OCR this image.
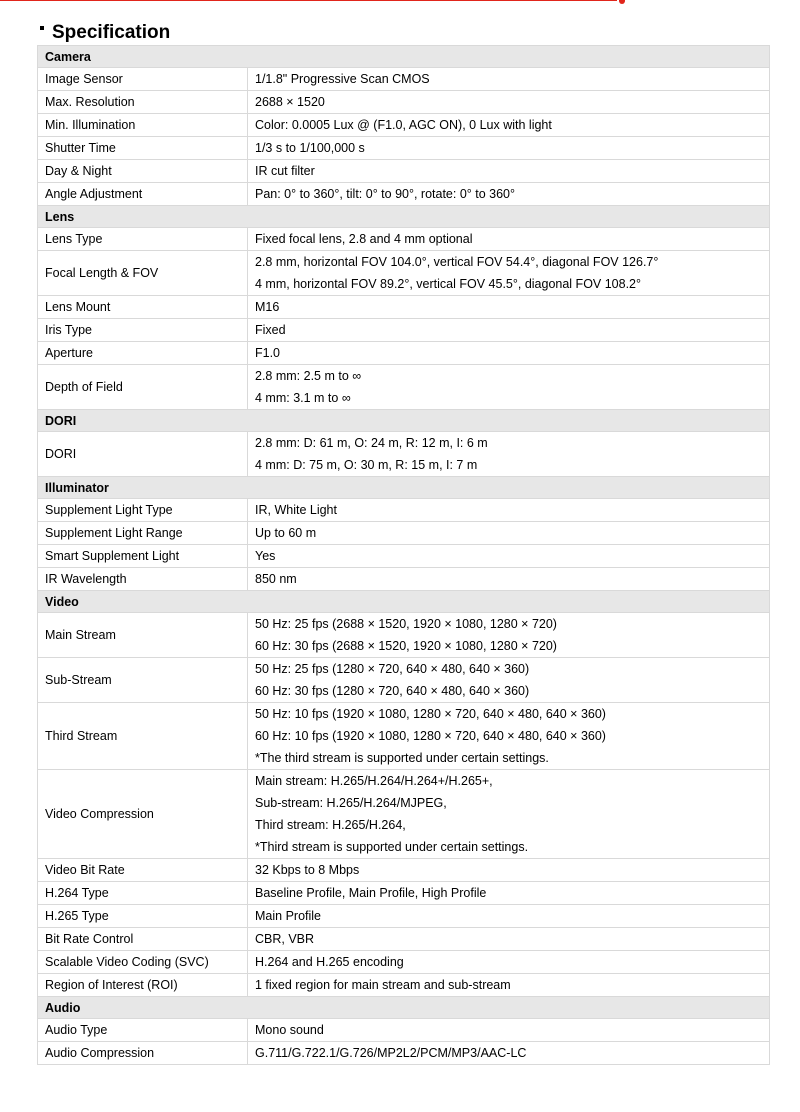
Specification
Camera	
Image Sensor	1/1.8" Progressive Scan CMOS

Max. Resolution	2688 × 1520

Min. Illumination	Color: 0.0005 Lux @ (F1.0, AGC ON), 0 Lux with light

Shutter Time	1/3 s to 1/100,000 s

Day & Night	IR cut filter

Angle Adjustment	Pan: 0° to 360°, tilt: 0° to 90°, rotate: 0° to 360°

Lens	
Lens Type	Fixed focal lens, 2.8 and 4 mm optional

Focal Length & FOV	2.8 mm, horizontal FOV 104.0°, vertical FOV 54.4°, diagonal FOV 126.7°
4 mm, horizontal FOV 89.2°, vertical FOV 45.5°, diagonal FOV 108.2°

Lens Mount	M16

Iris Type	Fixed

Aperture	F1.0

Depth of Field	2.8 mm: 2.5 m to ∞
4 mm: 3.1 m to ∞

DORI	
DORI	2.8 mm: D: 61 m, O: 24 m, R: 12 m, I: 6 m
4 mm: D: 75 m, O: 30 m, R: 15 m, I: 7 m

Illuminator	
Supplement Light Type	IR, White Light

Supplement Light Range	Up to 60 m

Smart Supplement Light	Yes

IR Wavelength	850 nm

Video	
Main Stream	50 Hz: 25 fps (2688 × 1520, 1920 × 1080, 1280 × 720)
60 Hz: 30 fps (2688 × 1520, 1920 × 1080, 1280 × 720)

Sub-Stream	50 Hz: 25 fps (1280 × 720, 640 × 480, 640 × 360)
60 Hz: 30 fps (1280 × 720, 640 × 480, 640 × 360)

Third Stream	50 Hz: 10 fps (1920 × 1080, 1280 × 720, 640 × 480, 640 × 360)
60 Hz: 10 fps (1920 × 1080, 1280 × 720, 640 × 480, 640 × 360)
*The third stream is supported under certain settings.

Video Compression	Main stream: H.265/H.264/H.264+/H.265+,
Sub-stream: H.265/H.264/MJPEG,
Third stream: H.265/H.264,
*Third stream is supported under certain settings.

Video Bit Rate	32 Kbps to 8 Mbps

H.264 Type	Baseline Profile, Main Profile, High Profile

H.265 Type	Main Profile

Bit Rate Control	CBR, VBR

Scalable Video Coding (SVC)	H.264 and H.265 encoding

Region of Interest (ROI)	1 fixed region for main stream and sub-stream

Audio	
Audio Type	Mono sound

Audio Compression	G.711/G.722.1/G.726/MP2L2/PCM/MP3/AAC-LC
